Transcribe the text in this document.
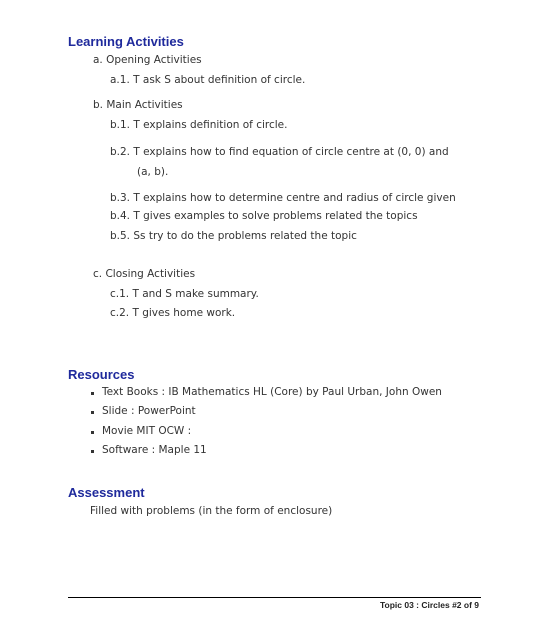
Learning Activities

a. Opening Activities

a.1. T ask S about definition of circle.

b. Main Activities

b.1. T explains definition of circle.

b.2. T explains how to find equation of circle centre at (0, 0) and

(a, b).

b.3. T explains how to determine centre and radius of circle given

b.4. T gives examples to solve problems related the topics

b.5. Ss try to do the problems related the topic

c. Closing Activities

c.1. T and S make summary.

c.2. T gives home work.

Resources

Text Books : IB Mathematics HL (Core) by Paul Urban, John Owen

Slide : PowerPoint

Movie MIT OCW :

Software : Maple 11

Assessment

Filled with problems (in the form of enclosure)

Topic 03 : Circles #2 of 9
